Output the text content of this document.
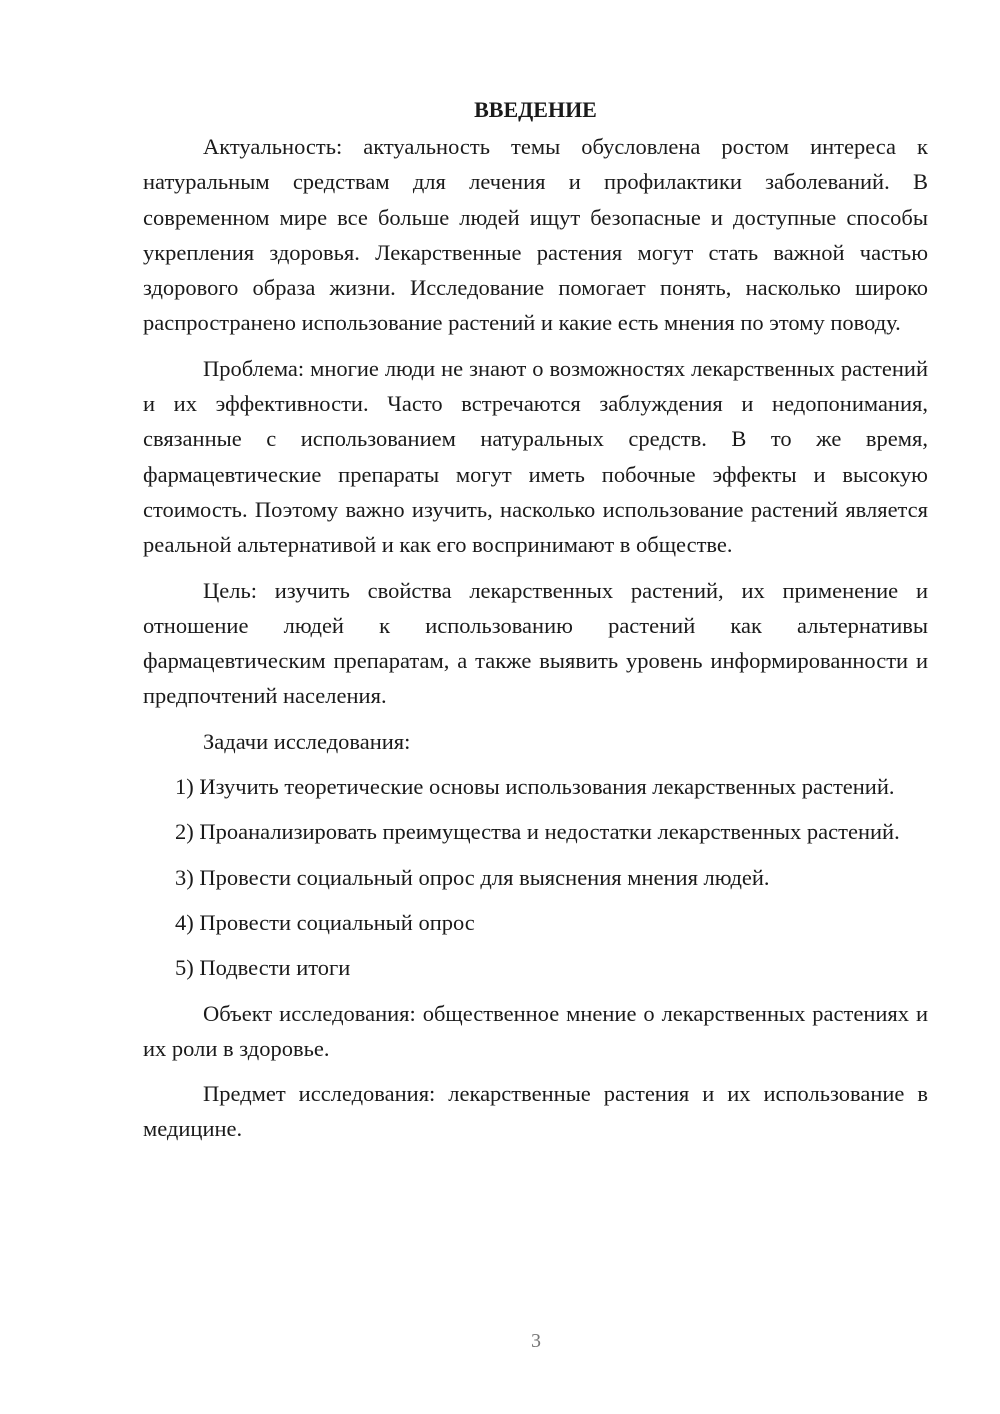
ВВЕДЕНИЕ

Актуальность: актуальность темы обусловлена ростом интереса к натуральным средствам для лечения и профилактики заболеваний. В современном мире все больше людей ищут безопасные и доступные способы укрепления здоровья. Лекарственные растения могут стать важной частью здорового образа жизни. Исследование помогает понять, насколько широко распространено использование растений и какие есть мнения по этому поводу.

Проблема: многие люди не знают о возможностях лекарственных растений и их эффективности. Часто встречаются заблуждения и недопонимания, связанные с использованием натуральных средств. В то же время, фармацевтические препараты могут иметь побочные эффекты и высокую стоимость. Поэтому важно изучить, насколько использование растений является реальной альтернативой и как его воспринимают в обществе.

Цель: изучить свойства лекарственных растений, их применение и отношение людей к использованию растений как альтернативы фармацевтическим препаратам, а также выявить уровень информированности и предпочтений населения.

Задачи исследования:

1) Изучить теоретические основы использования лекарственных растений.

2) Проанализировать преимущества и недостатки лекарственных растений.

3) Провести социальный опрос для выяснения мнения людей.

4) Провести социальный опрос

5) Подвести итоги

Объект исследования: общественное мнение о лекарственных растениях и их роли в здоровье.

Предмет исследования: лекарственные растения и их использование в медицине.

3
